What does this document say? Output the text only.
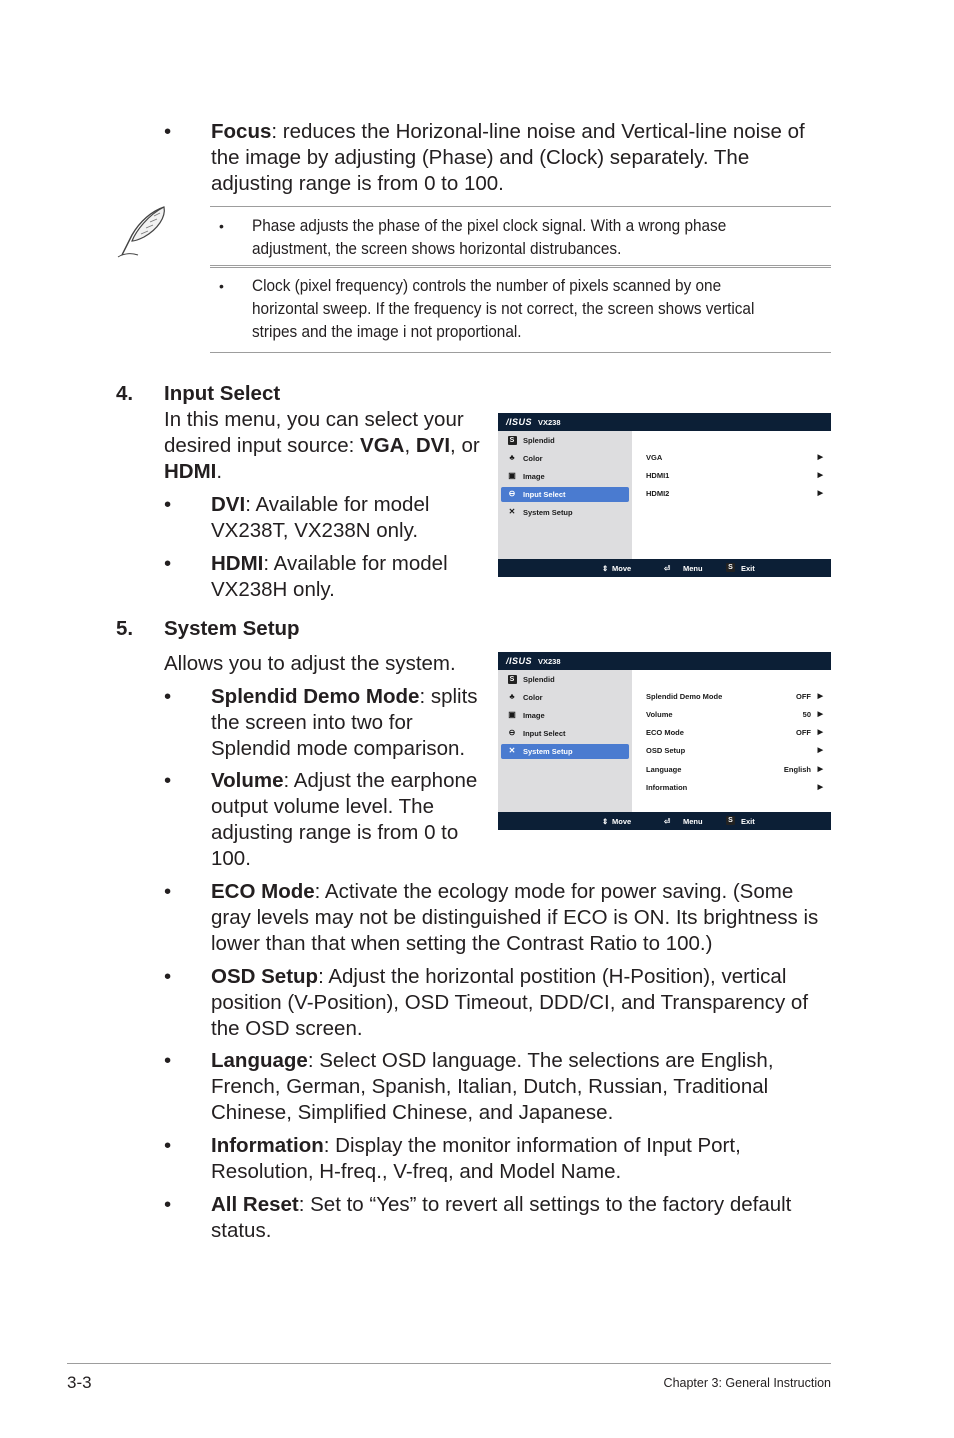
• Focus: reduces the Horizonal-line noise and Vertical-line noise of the image by adjusting (Phase) and (Clock) separately. The adjusting range is from 0 to 100.
• Phase adjusts the phase of the pixel clock signal. With a wrong phase adjustment, the screen shows horizontal distrubances.
• Clock (pixel frequency) controls the number of pixels scanned by one horizontal sweep. If the frequency is not correct, the screen shows vertical stripes and the image i not proportional.
4. Input Select
In this menu, you can select your desired input source: VGA, DVI, or HDMI.
• DVI: Available for model VX238T, VX238N only.
• HDMI: Available for model VX238H only.
/ISUS VX238
S	Splendid
♣	Color
▣ Image
⊖ Input Select
✕ System Setup
VGA	▶
HDMI1	▶
HDMI2	▶
⇕ Move	⏎ Menu	S Exit
5. System Setup
Allows you to adjust the system.
• Splendid Demo Mode: splits the screen into two for Splendid mode comparison.
• Volume: Adjust the earphone output volume level. The adjusting range is from 0 to 100.
• ECO Mode: Activate the ecology mode for power saving. (Some gray levels may not be distinguished if ECO is ON. Its brightness is lower than that when setting the Contrast Ratio to 100.)
• OSD Setup: Adjust the horizontal postition (H-Position), vertical position (V-Position), OSD Timeout, DDD/CI, and Transparency of the OSD screen.
• Language: Select OSD language. The selections are English, French, German, Spanish, Italian, Dutch, Russian, Traditional Chinese, Simplified Chinese, and Japanese.
• Information: Display the monitor information of Input Port, Resolution, H-freq., V-freq, and Model Name.
• All Reset: Set to “Yes” to revert all settings to the factory default status.
/ISUS VX238
S	Splendid
♣	Color
▣ Image
⊖ Input Select
✕ System Setup
Splendid Demo Mode	OFF ▶
Volume	50 ▶
ECO Mode	OFF ▶
OSD Setup	▶
Language	English ▶
Information	▶
⇕ Move	⏎ Menu	S Exit
3-3	Chapter 3: General Instruction
